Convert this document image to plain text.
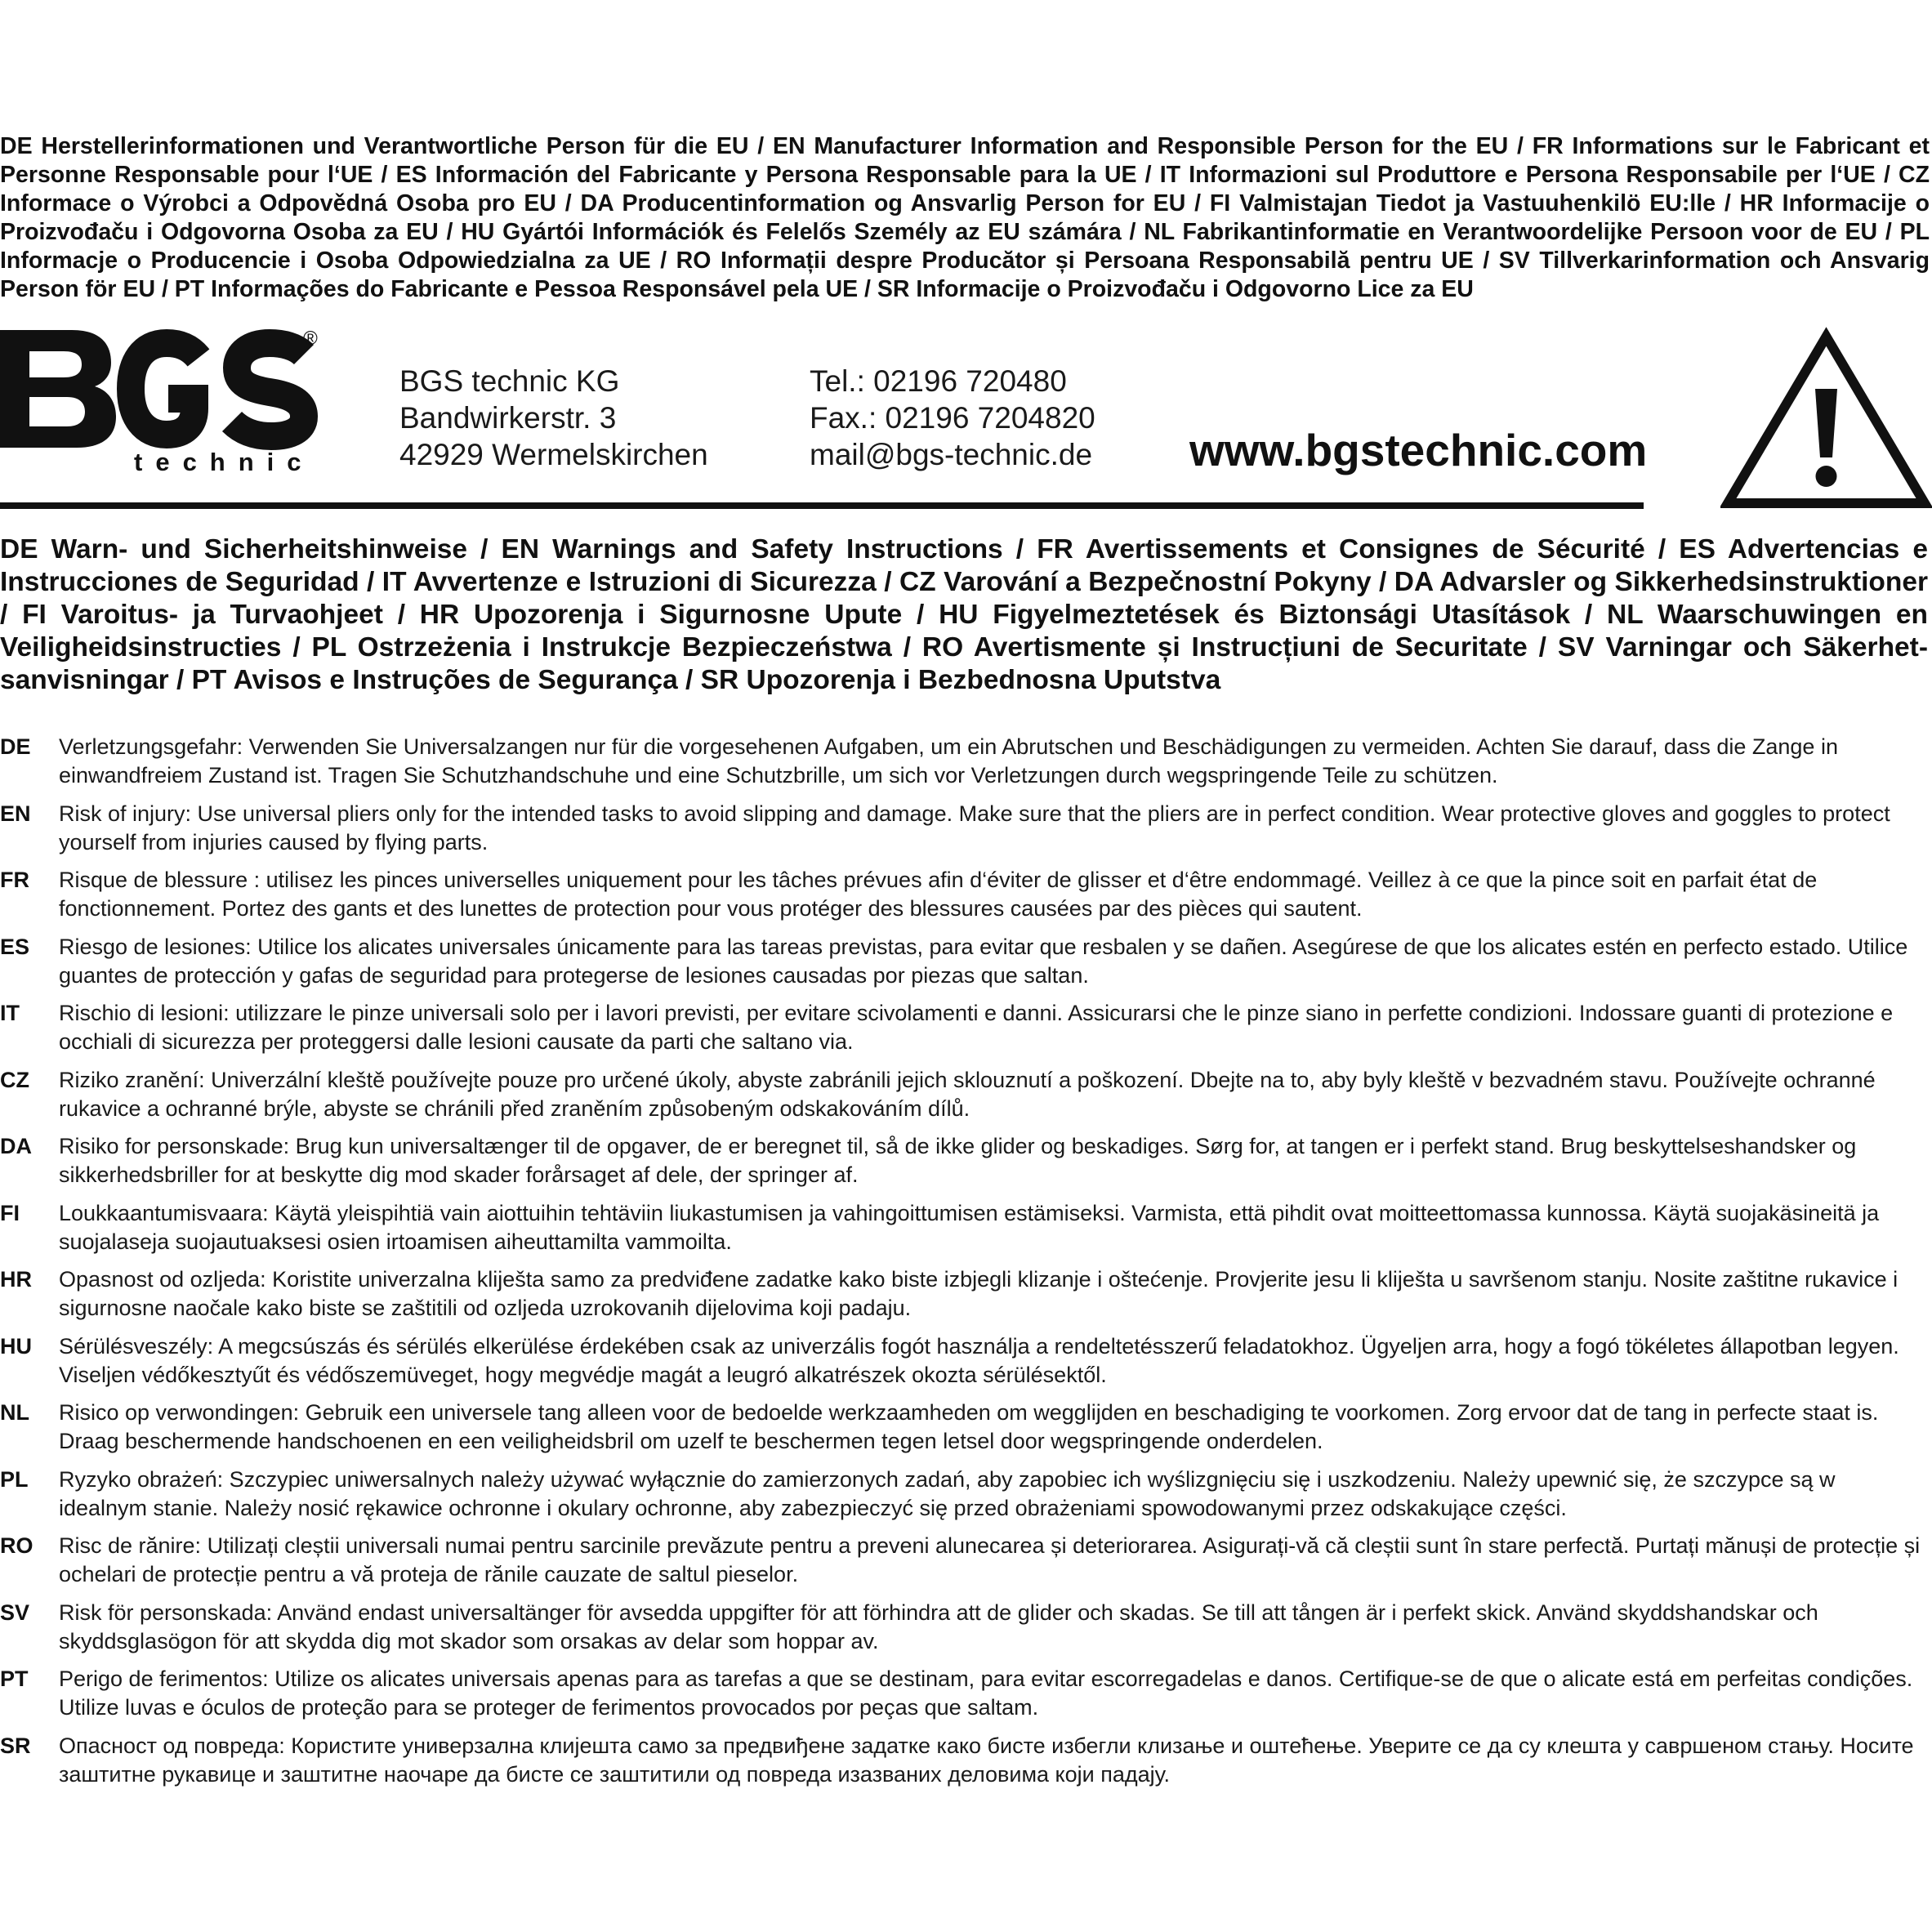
DE Herstellerinformationen und Verantwortliche Person für die EU / EN Manufacturer Information and Responsible Person for the EU / FR Informations sur le Fabricant et Personne Responsable pour l‘UE / ES Información del Fabricante y Persona Responsable para la UE / IT Informazioni sul Produttore e Persona Responsabile per l‘UE / CZ Informace o Výrobci a Odpovědná Osoba pro EU / DA Producentinformation og Ansvarlig Person for EU / FI Valmistajan Tiedot ja Vastuuhenkilö EU:lle / HR Informacije o Proizvođaču i Odgovorna Osoba za EU / HU Gyártói Információk és Felelős Személy az EU számára / NL Fabrikantinformatie en Verantwoordelijke Persoon voor de EU / PL Informacje o Producencie i Osoba Odpowiedzialna za UE / RO Informații despre Producător și Persoana Responsabilă pentru UE / SV Tillverkarinformation och Ansvarig Person för EU / PT Informações do Fabricante e Pessoa Responsável pela UE / SR Informacije o Proizvođaču i Odgovorno Lice za EU
®
technic
BGS technic KG
Bandwirkerstr. 3
42929 Wermelskirchen
Tel.: 02196 720480
Fax.: 02196 7204820
mail@bgs-technic.de www.bgstechnic.com
DE Warn- und Sicherheitshinweise / EN Warnings and Safety Instructions / FR Avertissements et Consignes de Sécurité / ES Advertencias e Instrucciones de Seguridad / IT Avvertenze e Istruzioni di Sicurezza / CZ Varování a Bezpečnostní Pokyny / DA Advarsler og Sikkerhedsinstruktioner / FI Varoitus- ja Turvaohjeet / HR Upozorenja i Sigurnosne Upute / HU Figyelmeztetések és Biztonsági Utasítások / NL Waarschuwingen en Veiligheidsinstructies / PL Ostrzeżenia i Instrukcje Bezpieczeństwa / RO Avertismente și Instrucțiuni de Securitate / SV Varningar och Säkerhetsanvisningar / PT Avisos e Instruções de Segurança / SR Upozorenja i Bezbednosna Uputstva
DE	Verletzungsgefahr: Verwenden Sie Universalzangen nur für die vorgesehenen Aufgaben, um ein Abrutschen und Beschädigungen zu vermeiden. Achten Sie darauf, dass die Zange in einwandfreiem Zustand ist. Tragen Sie Schutzhandschuhe und eine Schutzbrille, um sich vor Verletzungen durch wegspringende Teile zu schützen.
EN	Risk of injury: Use universal pliers only for the intended tasks to avoid slipping and damage. Make sure that the pliers are in perfect condition. Wear protective gloves and goggles to protect yourself from injuries caused by flying parts.
FR	Risque de blessure : utilisez les pinces universelles uniquement pour les tâches prévues afin d‘éviter de glisser et d‘être endommagé. Veillez à ce que la pince soit en parfait état de fonctionnement. Portez des gants et des lunettes de protection pour vous protéger des blessures causées par des pièces qui sautent.
ES	Riesgo de lesiones: Utilice los alicates universales únicamente para las tareas previstas, para evitar que resbalen y se dañen. Asegúrese de que los alicates estén en perfecto estado. Utilice guantes de protección y gafas de seguridad para protegerse de lesiones causadas por piezas que saltan.
IT	Rischio di lesioni: utilizzare le pinze universali solo per i lavori previsti, per evitare scivolamenti e danni. Assicurarsi che le pinze siano in perfette condizioni. Indossare guanti di protezione e occhiali di sicurezza per proteggersi dalle lesioni causate da parti che saltano via.
CZ	Riziko zranění: Univerzální kleště používejte pouze pro určené úkoly, abyste zabránili jejich sklouznutí a poškození. Dbejte na to, aby byly kleště v bezvadném stavu. Používejte ochranné rukavice a ochranné brýle, abyste se chránili před zraněním způsobeným odskakováním dílů.
DA	Risiko for personskade: Brug kun universaltænger til de opgaver, de er beregnet til, så de ikke glider og beskadiges. Sørg for, at tangen er i perfekt stand. Brug beskyttelseshandsker og sikkerhedsbriller for at beskytte dig mod skader forårsaget af dele, der springer af.
FI	Loukkaantumisvaara: Käytä yleispihtiä vain aiottuihin tehtäviin liukastumisen ja vahingoittumisen estämiseksi. Varmista, että pihdit ovat moitteettomassa kunnossa. Käytä suojakäsineitä ja suojalaseja suojautuaksesi osien irtoamisen aiheuttamilta vammoilta.
HR	Opasnost od ozljeda: Koristite univerzalna kliješta samo za predviđene zadatke kako biste izbjegli klizanje i oštećenje. Provjerite jesu li kliješta u savršenom stanju. Nosite zaštitne rukavice i sigurnosne naočale kako biste se zaštitili od ozljeda uzrokovanih dijelovima koji padaju.
HU	Sérülésveszély: A megcsúszás és sérülés elkerülése érdekében csak az univerzális fogót használja a rendeltetésszerű feladatokhoz. Ügyeljen arra, hogy a fogó tökéletes állapotban legyen. Viseljen védőkesztyűt és védőszemüveget, hogy megvédje magát a leugró alkatrészek okozta sérülésektől.
NL	Risico op verwondingen: Gebruik een universele tang alleen voor de bedoelde werkzaamheden om wegglijden en beschadiging te voorkomen. Zorg ervoor dat de tang in perfecte staat is. Draag beschermende handschoenen en een veiligheidsbril om uzelf te beschermen tegen letsel door wegspringende onderdelen.
PL	Ryzyko obrażeń: Szczypiec uniwersalnych należy używać wyłącznie do zamierzonych zadań, aby zapobiec ich wyślizgnięciu się i uszkodzeniu. Należy upewnić się, że szczypce są w idealnym stanie. Należy nosić rękawice ochronne i okulary ochronne, aby zabezpieczyć się przed obrażeniami spowodowanymi przez odskakujące części.
RO	Risc de rănire: Utilizați cleștii universali numai pentru sarcinile prevăzute pentru a preveni alunecarea și deteriorarea. Asigurați-vă că cleștii sunt în stare perfectă. Purtați mănuși de protecție și ochelari de protecție pentru a vă proteja de rănile cauzate de saltul pieselor.
SV	Risk för personskada: Använd endast universaltänger för avsedda uppgifter för att förhindra att de glider och skadas. Se till att tången är i perfekt skick. Använd skyddshandskar och skyddsglasögon för att skydda dig mot skador som orsakas av delar som hoppar av.
PT	Perigo de ferimentos: Utilize os alicates universais apenas para as tarefas a que se destinam, para evitar escorregadelas e danos. Certifique-se de que o alicate está em perfeitas condições. Utilize luvas e óculos de proteção para se proteger de ferimentos provocados por peças que saltam.
SR	Опасност од повреда: Користите универзална клијешта само за предвиђене задатке како бисте избегли клизање и оштећење. Уверите се да су клешта у савршеном стању. Носите заштитне рукавице и заштитне наочаре да бисте се заштитили од повреда изазваних деловима који падају.
